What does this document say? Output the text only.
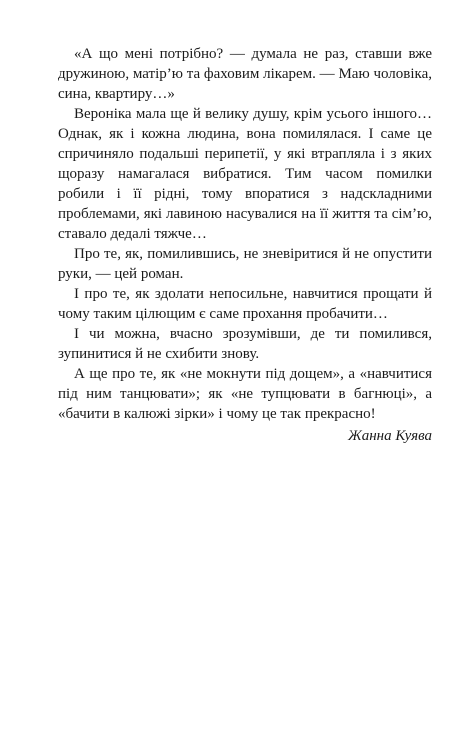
«А що мені потрібно? — думала не раз, ставши вже дружиною, матір’ю та фаховим лікарем. — Маю чоловіка, сина, квартиру…»

Вероніка мала ще й велику душу, крім усього іншого… Однак, як і кожна людина, вона помилялася. І саме це спричиняло подальші перипетії, у які втрапляла і з яких щоразу намагалася вибратися. Тим часом помилки робили і її рідні, тому впоратися з надскладними проблемами, які лавиною насувалися на її життя та сім’ю, ставало дедалі тяжче…

Про те, як, помилившись, не зневіритися й не опустити руки, — цей роман.

І про те, як здолати непосильне, навчитися прощати й чому таким цілющим є саме прохання пробачити…

І чи можна, вчасно зрозумівши, де ти помилився, зупинитися й не схибити знову.

А ще про те, як «не мокнути під дощем», а «навчитися під ним танцювати»; як «не тупцювати в багнюці», а «бачити в калюжі зірки» і чому це так прекрасно!

Жанна Куява
